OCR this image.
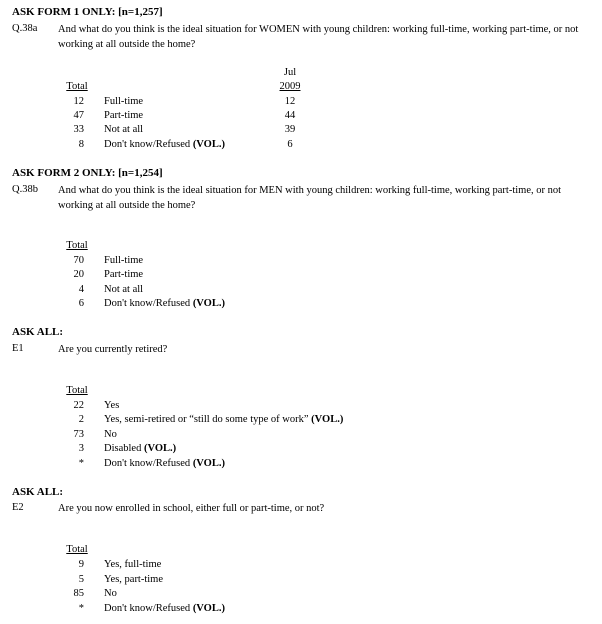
ASK FORM 1 ONLY: [n=1,257]
Q.38a And what do you think is the ideal situation for WOMEN with young children: working full-time, working part-time, or not working at all outside the home?
Jul
Total	2009
12 Full-time	12
47 Part-time	44
33 Not at all	39
8 Don't know/Refused (VOL.)	6
ASK FORM 2 ONLY: [n=1,254]
Q.38b And what do you think is the ideal situation for MEN with young children: working full-time, working part-time, or not working at all outside the home?
Total
70 Full-time
20 Part-time
4 Not at all
6 Don't know/Refused (VOL.)
ASK ALL:
E1	Are you currently retired?
Total
22 Yes
2 Yes, semi-retired or “still do some type of work” (VOL.)
73 No
3 Disabled (VOL.)
* Don't know/Refused (VOL.)
ASK ALL:
E2	Are you now enrolled in school, either full or part-time, or not?
Total
9 Yes, full-time
5 Yes, part-time
85 No
* Don't know/Refused (VOL.)
